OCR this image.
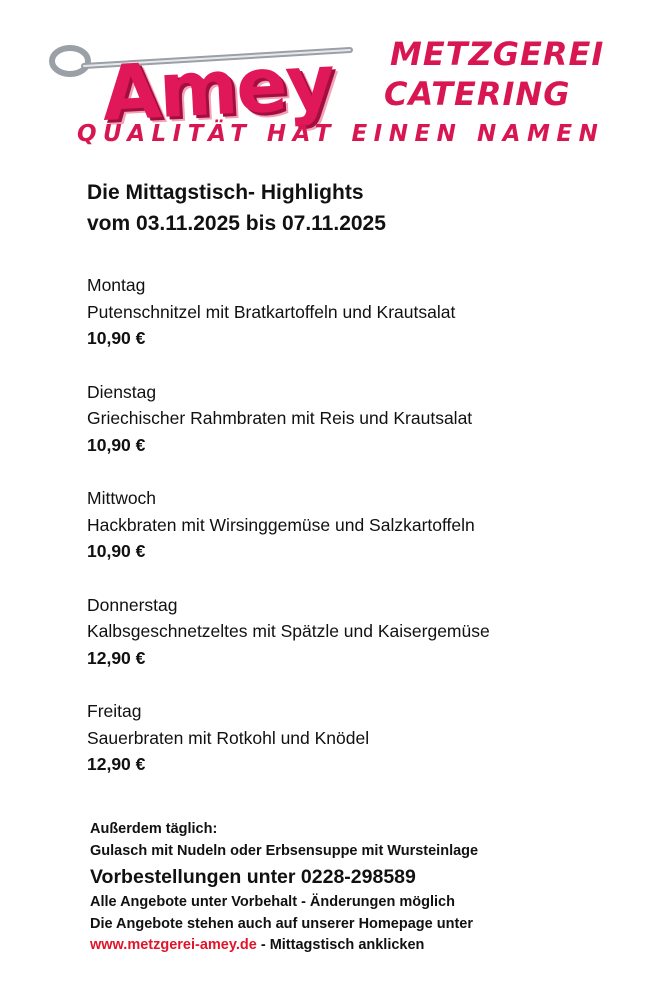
Amey METZGEREI
CATERING
QUALITÄT HAT EINEN NAMEN
Die Mittagstisch- Highlights
vom 03.11.2025 bis 07.11.2025
Montag
Putenschnitzel mit Bratkartoffeln und Krautsalat
10,90 €
Dienstag
Griechischer Rahmbraten mit Reis und Krautsalat
10,90 €
Mittwoch
Hackbraten mit Wirsinggemüse und Salzkartoffeln
10,90 €
Donnerstag
Kalbsgeschnetzeltes mit Spätzle und Kaisergemüse
12,90 €
Freitag
Sauerbraten mit Rotkohl und Knödel
12,90 €
Außerdem täglich:
Gulasch mit Nudeln oder Erbsensuppe mit Wursteinlage
Vorbestellungen unter 0228-298589
Alle Angebote unter Vorbehalt - Änderungen möglich
Die Angebote stehen auch auf unserer Homepage unter
www.metzgerei-amey.de - Mittagstisch anklicken
